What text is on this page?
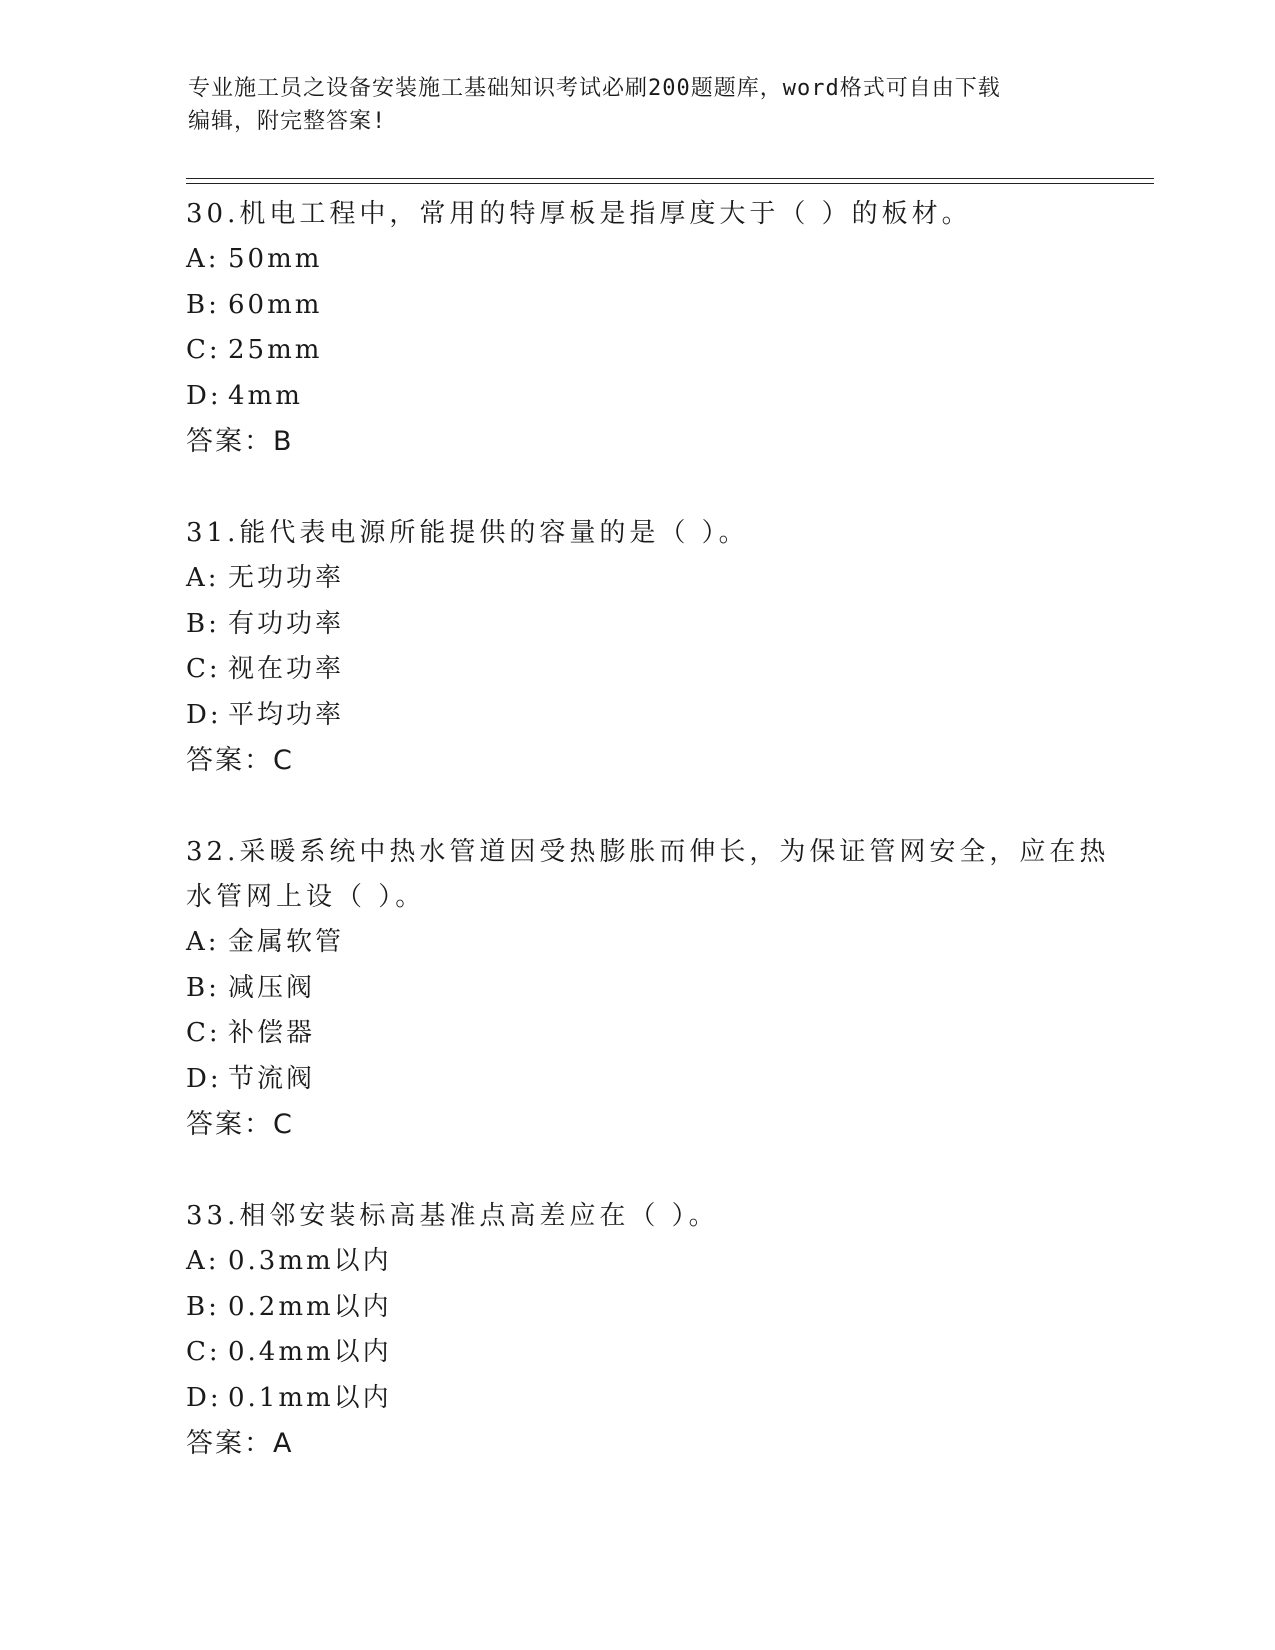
专业施工员之设备安装施工基础知识考试必刷200题题库，word格式可自由下载
编辑，附完整答案!
30.机电工程中，常用的特厚板是指厚度大于（ ）的板材。
A: 50mm
B: 60mm
C: 25mm
D: 4mm
答案：B
31.能代表电源所能提供的容量的是（ ）。
A: 无功功率
B: 有功功率
C: 视在功率
D: 平均功率
答案：C
32.采暖系统中热水管道因受热膨胀而伸长，为保证管网安全，应在热
水管网上设（ ）。
A: 金属软管
B: 减压阀
C: 补偿器
D: 节流阀
答案：C
33.相邻安装标高基准点高差应在（ ）。
A: 0.3mm以内
B: 0.2mm以内
C: 0.4mm以内
D: 0.1mm以内
答案：A
